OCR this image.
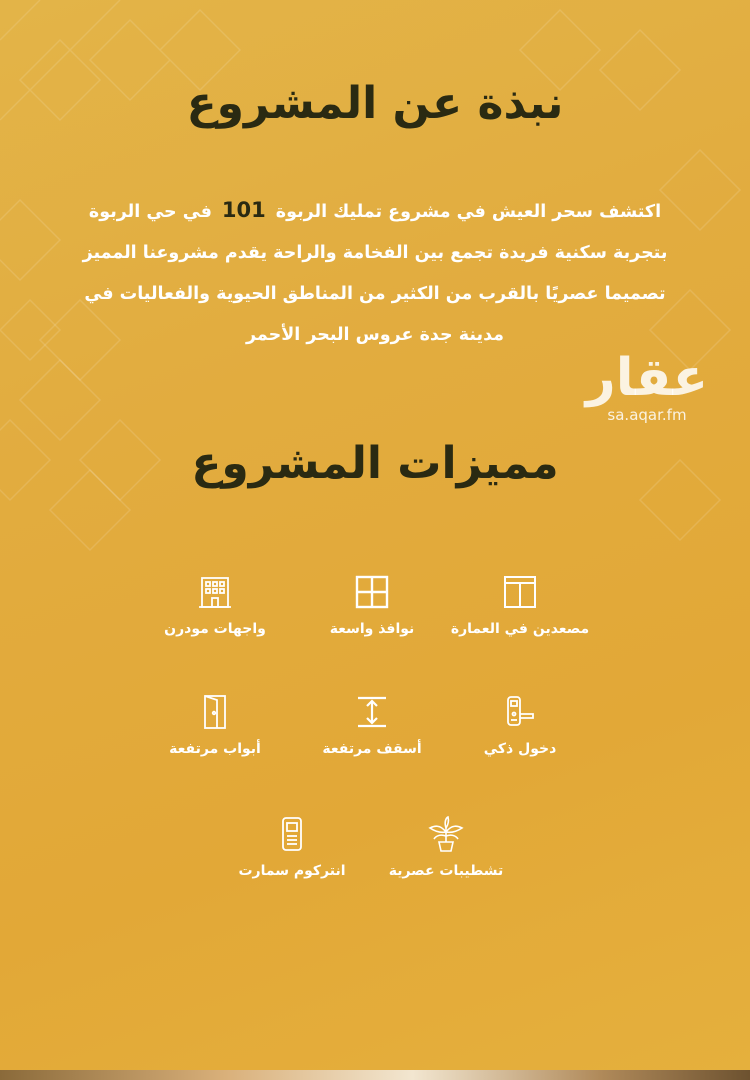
نبذة عن المشروع

اكتشف سحر العيش في مشروع تمليك الربوة101في حي الربوة بتجربة سكنية فريدة تجمع بين الفخامة والراحة يقدم مشروعنا المميز تصميما عصريًا بالقرب من الكثير من المناطق الحيوية والفعاليات في مدينة جدة عروس البحر الأحمر

عقار
sa.aqar.fm
مميزات المشروع
مصعدين في العمارة
نوافذ واسعة
واجهات مودرن
دخول ذكي
أسقف مرتفعة
أبواب مرتفعة
تشطيبات عصرية
انتركوم سمارت
